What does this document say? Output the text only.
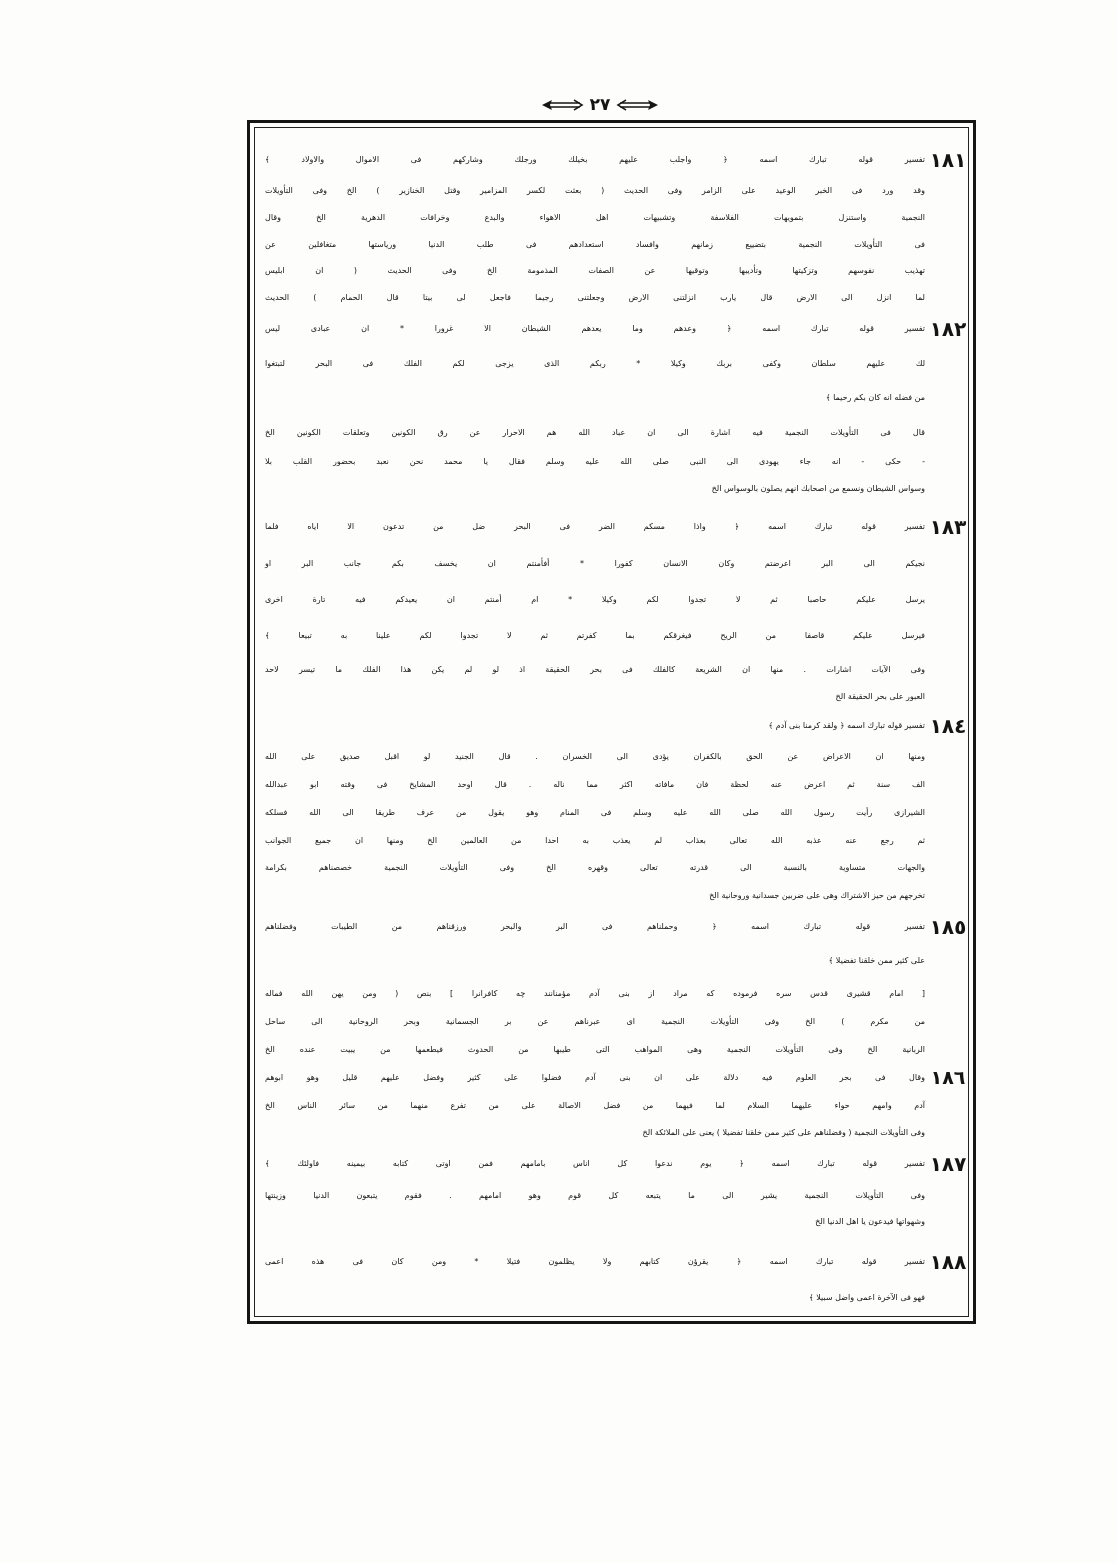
٢٧
١٨١
١٨٢
١٨٣
١٨٤
١٨٥
١٨٦
١٨٧
١٨٨
تفسير قوله تبارك اسمه ﴿ واجلب عليهم بخيلك ورجلك وشاركهم فى الاموال والاولاد ﴾
وقد ورد فى الخبر الوعيد على الزامر وفى الحديث ( بعثت لكسر المزامير وقتل الخنازير ) الخ وفى التأويلات
النجمية واستنزل بتمويهات الفلاسفة وتشبيهات اهل الاهواء والبدع وخرافات الدهرية الخ وقال
فى التأويلات النجمية بتضييع زمانهم وافساد استعدادهم فى طلب الدنيا ورياستها متغافلين عن
تهذيب نفوسهم وتزكيتها وتأديبها وتوقيها عن الصفات المذمومة الخ وفى الحديث ( ان ابليس
لما انزل الى الارض قال يارب انزلتنى الارض وجعلتنى رجيما فاجعل لى بيتا قال الحمام ) الحديث
تفسير قوله تبارك اسمه ﴿ وعدهم وما يعدهم الشيطان الا غرورا * ان عبادى ليس
لك عليهم سلطان وكفى بربك وكيلا * ربكم الذى يزجى لكم الفلك فى البحر لتبتغوا
من فضله انه كان بكم رحيما ﴾
قال فى التأويلات النجمية فيه اشارة الى ان عباد الله هم الاحرار عن رق الكونين وتعلقات الكونين الخ
- حكى - انه جاء يهودى الى النبى صلى الله عليه وسلم فقال يا محمد نحن نعبد بحضور القلب بلا
وسواس الشيطان ونسمع من اصحابك انهم يصلون بالوسواس الخ
تفسير قوله تبارك اسمه ﴿ واذا مسكم الضر فى البحر ضل من تدعون الا اياه فلما
نجيكم الى البر اعرضتم وكان الانسان كفورا * أفأمنتم ان يخسف بكم جانب البر او
يرسل عليكم حاصبا ثم لا تجدوا لكم وكيلا * ام أمنتم ان يعيدكم فيه تارة اخرى
فيرسل عليكم قاصفا من الريح فيغرقكم بما كفرتم ثم لا تجدوا لكم علينا به تبيعا ﴾
وفى الآيات اشارات . منها ان الشريعة كالفلك فى بحر الحقيقة اذ لو لم يكن هذا الفلك ما تيسر لاحد
العبور على بحر الحقيقة الخ
تفسير قوله تبارك اسمه ﴿ ولقد كرمنا بنى آدم ﴾
ومنها ان الاعراض عن الحق بالكفران يؤدى الى الخسران . قال الجنيد لو اقبل صديق على الله
الف سنة ثم اعرض عنه لحظة فان مافاته اكثر مما ناله . قال اوحد المشايخ فى وقته ابو عبدالله
الشيرازى رأيت رسول الله صلى الله عليه وسلم فى المنام وهو يقول من عرف طريقا الى الله فسلكه
ثم رجع عنه عذبه الله تعالى بعذاب لم يعذب به احدا من العالمين الخ ومنها ان جميع الجوانب
والجهات متساوية بالنسبة الى قدرته تعالى وقهره الخ وفى التأويلات النجمية خصصناهم بكرامة
تخرجهم من حيز الاشتراك وهى على ضربين جسدانية وروحانية الخ
تفسير قوله تبارك اسمه ﴿ وحملناهم فى البر والبحر ورزقناهم من الطيبات وفضلناهم
على كثير ممن خلقنا تفضيلا ﴾
[ امام قشيرى قدس سره فرموده كه مراد از بنى آدم مؤمنانند چه كافرانرا ] بنص ( ومن يهن الله فماله
من مكرم ) الخ وفى التأويلات النجمية اى عبرناهم عن بر الجسمانية وبحر الروحانية الى ساحل
الربانية الخ وفى التأويلات النجمية وهى المواهب التى طيبها من الحدوث فيطعمها من يبيت عنده الخ
وقال فى بحر العلوم فيه دلالة على ان بنى آدم فضلوا على كثير وفضل عليهم قليل وهو ابوهم
آدم وامهم حواء عليهما السلام لما فيهما من فضل الاصالة على من تفرع منهما من سائر الناس الخ
وفى التأويلات النجمية ( وفضلناهم على كثير ممن خلقنا تفضيلا ) يعنى على الملائكة الخ
تفسير قوله تبارك اسمه ﴿ يوم ندعوا كل اناس بامامهم فمن اوتى كتابه بيمينه فاولئك ﴾
وفى التأويلات النجمية يشير الى ما يتبعه كل قوم وهو امامهم . فقوم يتبعون الدنيا وزينتها
وشهواتها فيدعون يا اهل الدنيا الخ
تفسير قوله تبارك اسمه ﴿ يقرؤن كتابهم ولا يظلمون فتيلا * ومن كان فى هذه اعمى
فهو فى الآخرة اعمى واضل سبيلا ﴾
